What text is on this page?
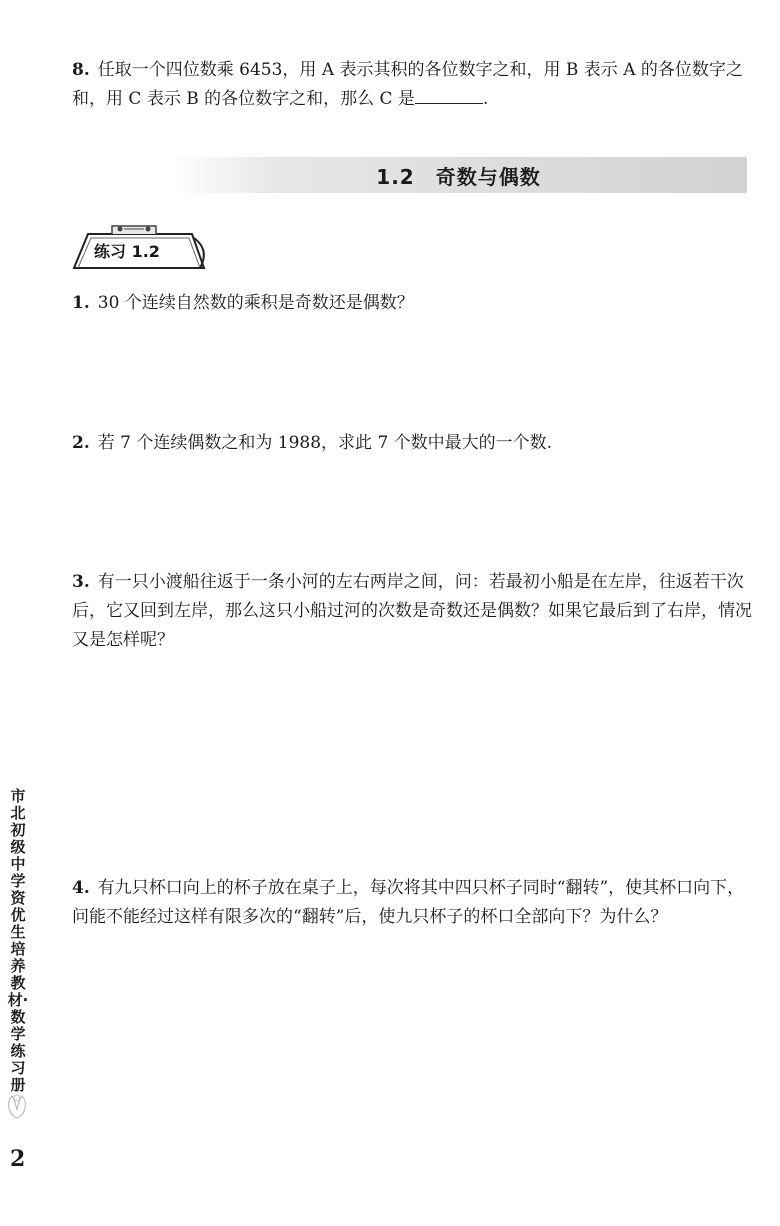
8. 任取一个四位数乘 6453，用 A 表示其积的各位数字之和，用 B 表示 A 的各位数字之和，用 C 表示 B 的各位数字之和，那么 C 是	.
1.2　奇数与偶数
练习 1.2
1. 30 个连续自然数的乘积是奇数还是偶数？
2. 若 7 个连续偶数之和为 1988，求此 7 个数中最大的一个数.
3. 有一只小渡船往返于一条小河的左右两岸之间，问：若最初小船是在左岸，往返若干次后，它又回到左岸，那么这只小船过河的次数是奇数还是偶数？如果它最后到了右岸，情况又是怎样呢？
4. 有九只杯口向上的杯子放在桌子上，每次将其中四只杯子同时“翻转”，使其杯口向下，问能不能经过这样有限多次的“翻转”后，使九只杯子的杯口全部向下？为什么？
市北初级中学资优生培养教材·数学练习册
2
